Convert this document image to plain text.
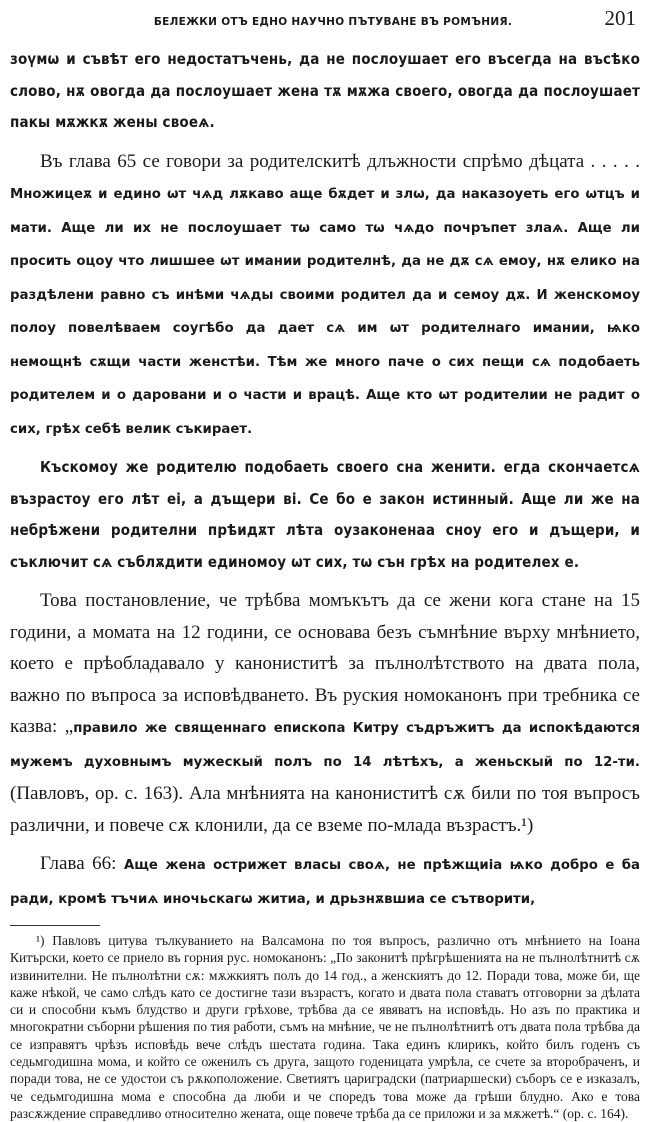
БЕЛЕЖКИ ОТЪ ЕДНО НАУЧНО ПЪТУВАНЕ ВЪ РОМЪНИЯ.	201

зоүмѡ и съвѣт его недостатъчень, да не послоушает его въсегда на въсѣко слово, нѫ овогда да послоушает жена тѫ мѫжа своего, овогда да послоушает пакы мѫжкѫ жены своеѧ.

Въ глава 65 се говори за родителскитѣ длъжности спрѣмо дѣцата . . . . . Множицеѫ и едино ѡт чѧд лѫкаво аще бѫдет и злѡ, да наказоуеть его ѡтцъ и мати. Аще ли их не послоушает тѡ само тѡ чѧдо почръпет злаѧ. Аще ли просить оцоу что лишшее ѡт имании родителнѣ, да не дѫ сѧ емоу, нѫ елико на раздѣлени равно съ инѣми чѧды своими родител да и семоу дѫ. И женскомоу полоу повелѣваем соугѣбо да дает сѧ им ѡт родителнаго имании, ѩко немощнѣ сѫщи части женстѣи. Тѣм же много паче о сих пещи сѧ подобаеть родителем и о даровани и о части и врацѣ. Аще кто ѡт родителии не радит о сих, грѣх себѣ велик съкирает.

Къскомоу же родителю подобаеть своего сна женити. егда скончаетсѧ възрастоу его лѣт еі, а дъщери ві. Се бо е закон истинный. Аще ли же на небрѣжени родителни прѣидѫт лѣта оузаконенаа сноу его и дъщери, и съключит сѧ съблѫдити единомоу ѡт сих, тѡ сън грѣх на родителех е.

Това постановление, че трѣбва момъкътъ да се жени кога стане на 15 години, а момата на 12 години, се основава безъ съмнѣние върху мнѣнието, което е прѣобладавало у канониститѣ за пълнолѣтството на двата пола, важно по въпроса за исповѣдването. Въ руския номоканонъ при требника се казва: „правило же священнаго епископа Китру съдръжитъ да испокѣдаются мужемъ духовнымъ мужескый полъ по 14 лѣтѣхъ, а женьскый по 12-ти. (Павловъ, ор. с. 163). Ала мнѣнията на канониститѣ сѫ били по тоя въпросъ различни, и повече сѫ клонили, да се вземе по-млада възрастъ.¹)

Глава 66: Аще жена острижет власы своѧ, не прѣжщиіа ѩко добро е ба ради, кромѣ тъчиѧ иночьскагѡ житиа, и дрьзнѫвшиа се сътворити,

¹) Павловъ цитува тълкуванието на Валсамона по тоя въпросъ, различно отъ мнѣнието на Іоана Китърски, което се приело въ горния рус. номоканонъ: „По законитѣ прѣгрѣшенията на не пълнолѣтнитѣ сѫ извинителни. Не пълнолѣтни сѫ: мѫжкиятъ полъ до 14 год., а женскиятъ до 12. Поради това, може би, ще каже нѣкой, че само слѣдъ като се достигне тази възрастъ, когато и двата пола ставатъ отговорни за дѣлата си и способни къмъ блудство и други грѣхове, трѣбва да се явяватъ на исповѣдь. Но азъ по практика и многократни съборни рѣшения по тия работи, съмъ на мнѣние, че не пълнолѣтнитѣ отъ двата пола трѣбва да се изправятъ чрѣзъ исповѣдь вече слѣдъ шестата година. Така единъ клирикъ, който билъ годенъ съ седьмгодишна мома, и който се оженилъ съ друга, защото годеницата умрѣла, се счете за второбраченъ, и поради това, не се удостои съ рѫкоположение. Светиятъ цариградски (патриаршески) съборъ се е изказалъ, че седьмгодишна мома е способна да люби и че споредъ това може да грѣши блудно. Ако е това разсѫждение справедливо относително жената, още повече трѣба да се приложи и за мѫжетѣ.“ (ор. с. 164).
